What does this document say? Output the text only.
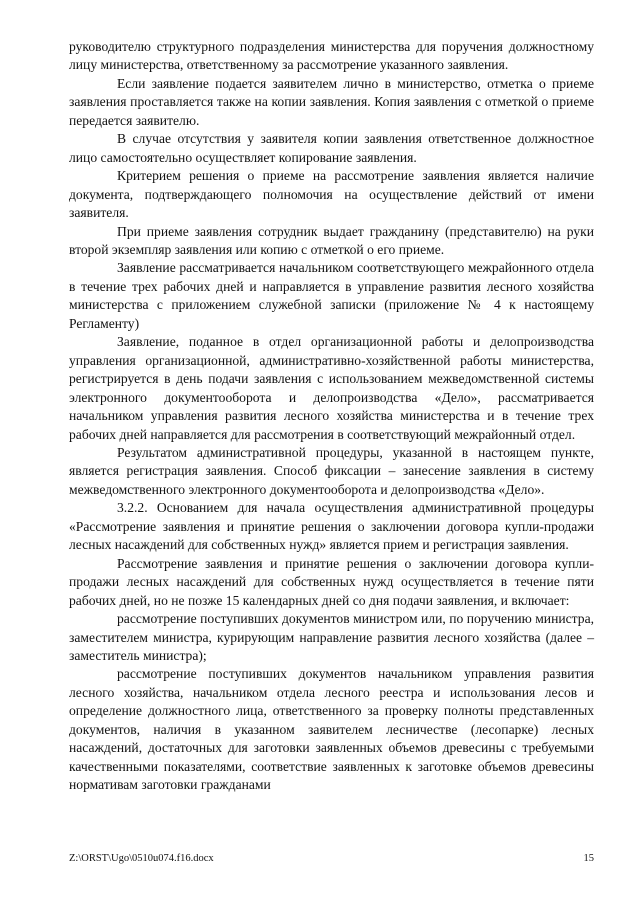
руководителю структурного подразделения министерства для поручения должностному лицу министерства, ответственному за рассмотрение указанного заявления.

Если заявление подается заявителем лично в министерство, отметка о приеме заявления проставляется также на копии заявления. Копия заявления с отметкой о приеме передается заявителю.

В случае отсутствия у заявителя копии заявления ответственное должностное лицо самостоятельно осуществляет копирование заявления.

Критерием решения о приеме на рассмотрение заявления является наличие документа, подтверждающего полномочия на осуществление действий от имени заявителя.

При приеме заявления сотрудник выдает гражданину (представителю) на руки второй экземпляр заявления или копию с отметкой о его приеме.

Заявление рассматривается начальником соответствующего межрайонного отдела в течение трех рабочих дней и направляется в управление развития лесного хозяйства министерства с приложением служебной записки (приложение № 4 к настоящему Регламенту)

Заявление, поданное в отдел организационной работы и делопроизводства управления организационной, административно-хозяйственной работы министерства, регистрируется в день подачи заявления с использованием межведомственной системы электронного документооборота и делопроизводства «Дело», рассматривается начальником управления развития лесного хозяйства министерства и в течение трех рабочих дней направляется для рассмотрения в соответствующий межрайонный отдел.

Результатом административной процедуры, указанной в настоящем пункте, является регистрация заявления. Способ фиксации – занесение заявления в систему межведомственного электронного документооборота и делопроизводства «Дело».

3.2.2. Основанием для начала осуществления административной процедуры «Рассмотрение заявления и принятие решения о заключении договора купли-продажи лесных насаждений для собственных нужд» является прием и регистрация заявления.

Рассмотрение заявления и принятие решения о заключении договора купли-продажи лесных насаждений для собственных нужд осуществляется в течение пяти рабочих дней, но не позже 15 календарных дней со дня подачи заявления, и включает:

рассмотрение поступивших документов министром или, по поручению министра, заместителем министра, курирующим направление развития лесного хозяйства (далее – заместитель министра);

рассмотрение поступивших документов начальником управления развития лесного хозяйства, начальником отдела лесного реестра и использования лесов и определение должностного лица, ответственного за проверку полноты представленных документов, наличия в указанном заявителем лесничестве (лесопарке) лесных насаждений, достаточных для заготовки заявленных объемов древесины с требуемыми качественными показателями, соответствие заявленных к заготовке объемов древесины нормативам заготовки гражданами

Z:\ORST\Ugo\0510u074.f16.docx	15
